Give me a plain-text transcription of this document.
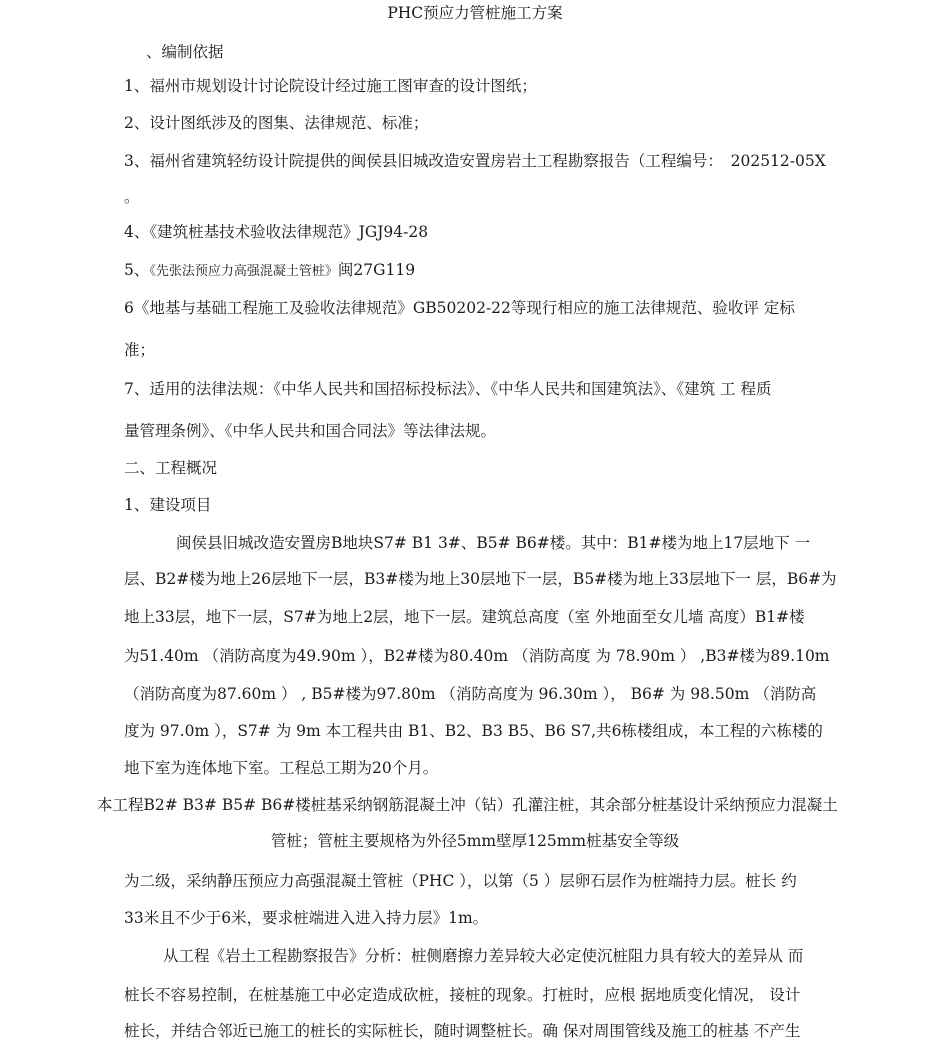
PHC预应力管桩施工方案
、编制依据
1、福州市规划设计讨论院设计经过施工图审查的设计图纸；
2、设计图纸涉及的图集、法律规范、标准；
3、福州省建筑轻纺设计院提供的闽侯县旧城改造安置房岩土工程勘察报告（工程编号：　202512-05X
。
4、《建筑桩基技术验收法律规范》JGJ94-28
5、《先张法预应力高强混凝土管桩》闽27G119
6《地基与基础工程施工及验收法律规范》GB50202-22等现行相应的施工法律规范、验收评 定标
准；
7、适用的法律法规：《中华人民共和国招标投标法》、《中华人民共和国建筑法》、《建筑 工 程质
量管理条例》、《中华人民共和国合同法》等法律法规。
二、工程概况
1、建设项目
闽侯县旧城改造安置房B地块S7# B1 3#、B5# B6#楼。其中：B1#楼为地上17层地下 一
层、B2#楼为地上26层地下一层，B3#楼为地上30层地下一层，B5#楼为地上33层地下一 层，B6#为
地上33层，地下一层，S7#为地上2层，地下一层。建筑总高度（室 外地面至女儿墙 高度）B1#楼
为51.40m （消防高度为49.90m ），B2#楼为80.40m （消防高度 为 78.90m ） ,B3#楼为89.10m
（消防高度为87.60m ） , B5#楼为97.80m （消防高度为 96.30m ）， B6# 为 98.50m （消防高
度为 97.0m ），S7# 为 9m 本工程共由 B1、B2、B3 B5、B6 S7,共6栋楼组成，本工程的六栋楼的
地下室为连体地下室。工程总工期为20个月。
本工程B2# B3# B5# B6#楼桩基采纳钢筋混凝土冲（钻）孔灌注桩，其余部分桩基设计采纳预应力混凝土
管桩；管桩主要规格为外径5mm壁厚125mm桩基安全等级
为二级，采纳静压预应力高强混凝土管桩（PHC ），以第（5 ）层卵石层作为桩端持力层。桩长 约
33米且不少于6米，要求桩端进入进入持力层》1m。
从工程《岩土工程勘察报告》分析：桩侧磨擦力差异较大必定使沉桩阻力具有较大的差异从 而
桩长不容易控制，在桩基施工中必定造成砍桩，接桩的现象。打桩时，应根 据地质变化情况， 设计
桩长，并结合邻近已施工的桩长的实际桩长，随时调整桩长。确 保对周围管线及施工的桩基 不产生
